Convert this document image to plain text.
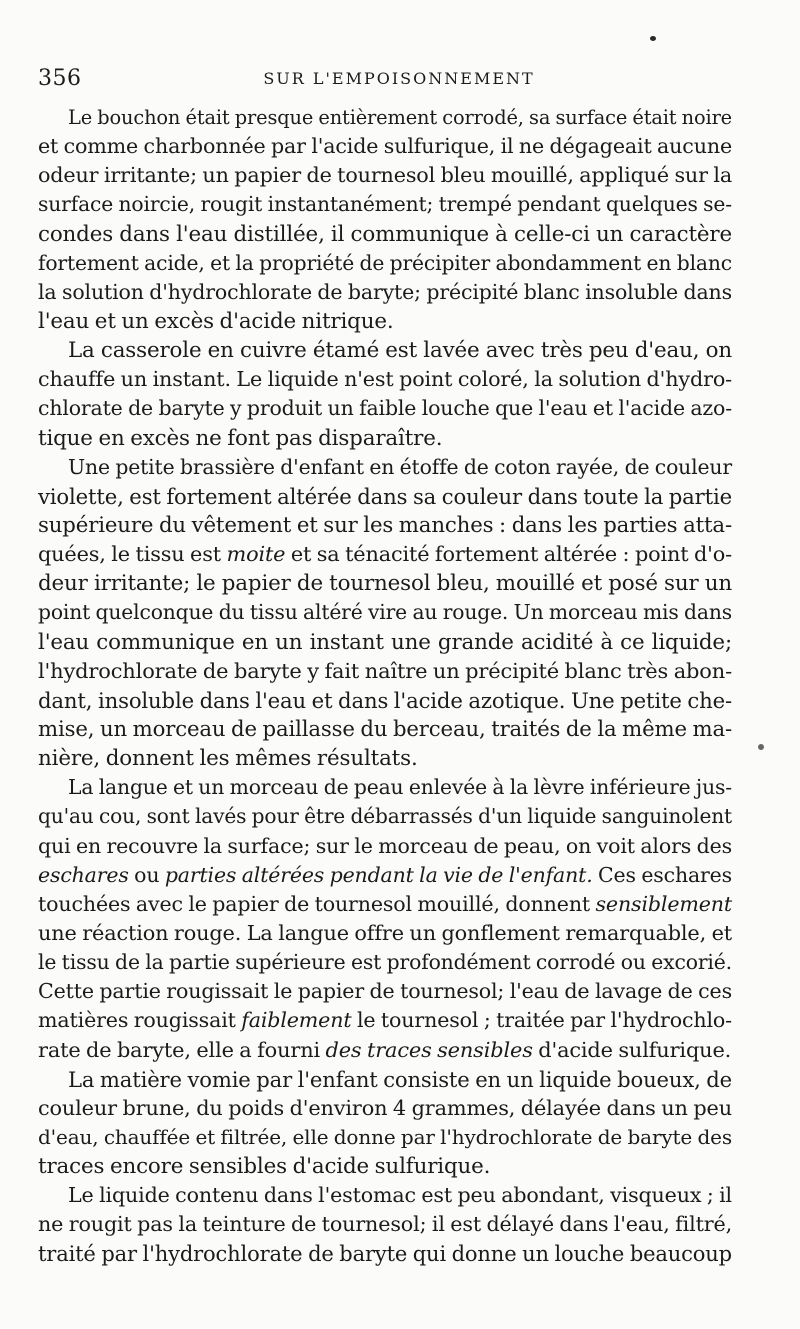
356	SUR L'EMPOISONNEMENT

Le bouchon était presque entièrement corrodé, sa surface était noire
et comme charbonnée par l'acide sulfurique, il ne dégageait aucune
odeur irritante; un papier de tournesol bleu mouillé, appliqué sur la
surface noircie, rougit instantanément; trempé pendant quelques se-
condes dans l'eau distillée, il communique à celle-ci un caractère
fortement acide, et la propriété de précipiter abondamment en blanc
la solution d'hydrochlorate de baryte; précipité blanc insoluble dans
l'eau et un excès d'acide nitrique.

La casserole en cuivre étamé est lavée avec très peu d'eau, on
chauffe un instant. Le liquide n'est point coloré, la solution d'hydro-
chlorate de baryte y produit un faible louche que l'eau et l'acide azo-
tique en excès ne font pas disparaître.

Une petite brassière d'enfant en étoffe de coton rayée, de couleur
violette, est fortement altérée dans sa couleur dans toute la partie
supérieure du vêtement et sur les manches : dans les parties atta-
quées, le tissu est moite et sa ténacité fortement altérée : point d'o-
deur irritante; le papier de tournesol bleu, mouillé et posé sur un
point quelconque du tissu altéré vire au rouge. Un morceau mis dans
l'eau communique en un instant une grande acidité à ce liquide;
l'hydrochlorate de baryte y fait naître un précipité blanc très abon-
dant, insoluble dans l'eau et dans l'acide azotique. Une petite che-
mise, un morceau de paillasse du berceau, traités de la même ma-
nière, donnent les mêmes résultats.

La langue et un morceau de peau enlevée à la lèvre inférieure jus-
qu'au cou, sont lavés pour être débarrassés d'un liquide sanguinolent
qui en recouvre la surface; sur le morceau de peau, on voit alors des
eschares ou parties altérées pendant la vie de l'enfant. Ces eschares
touchées avec le papier de tournesol mouillé, donnent sensiblement
une réaction rouge. La langue offre un gonflement remarquable, et
le tissu de la partie supérieure est profondément corrodé ou excorié.
Cette partie rougissait le papier de tournesol; l'eau de lavage de ces
matières rougissait faiblement le tournesol ; traitée par l'hydrochlo-
rate de baryte, elle a fourni des traces sensibles d'acide sulfurique.

La matière vomie par l'enfant consiste en un liquide boueux, de
couleur brune, du poids d'environ 4 grammes, délayée dans un peu
d'eau, chauffée et filtrée, elle donne par l'hydrochlorate de baryte des
traces encore sensibles d'acide sulfurique.

Le liquide contenu dans l'estomac est peu abondant, visqueux ; il
ne rougit pas la teinture de tournesol; il est délayé dans l'eau, filtré,
traité par l'hydrochlorate de baryte qui donne un louche beaucoup
